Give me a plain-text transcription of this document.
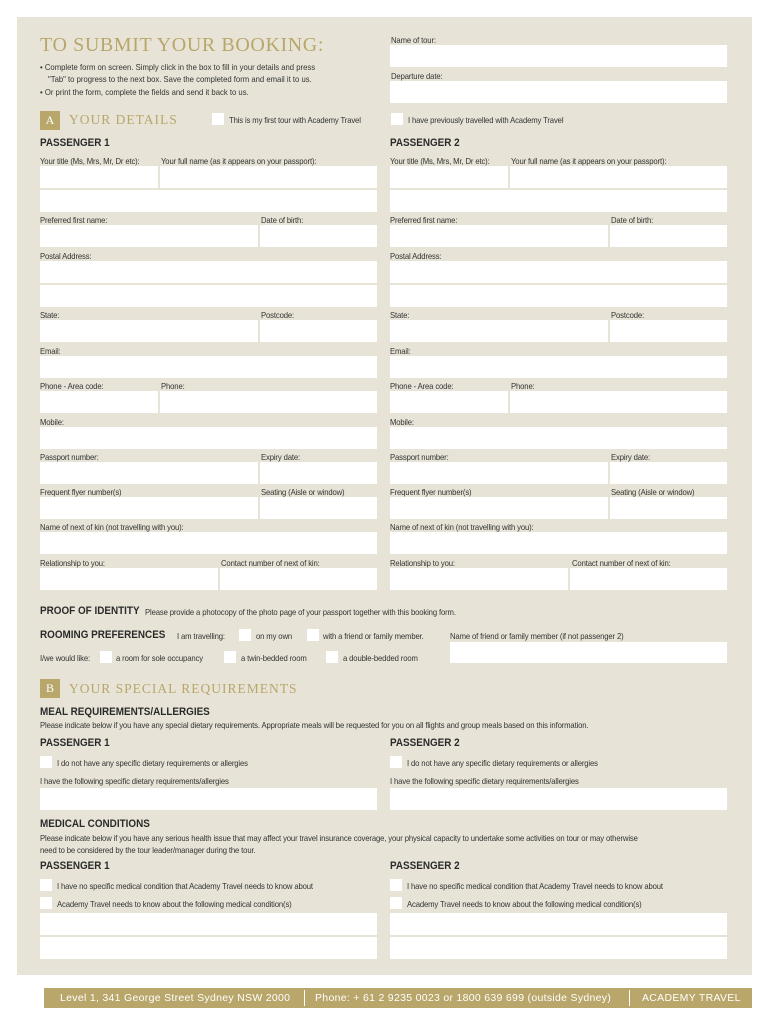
TO SUBMIT YOUR BOOKING:
• Complete form on screen. Simply click in the box to fill in your details and press
"Tab" to progress to the next box. Save the completed form and email it to us.
• Or print the form, complete the fields and send it back to us.
Name of tour:
Departure date:
A	YOUR DETAILS	This is my first tour with Academy Travel	I have previously travelled with Academy Travel
PASSENGER 1
Your title (Ms, Mrs, Mr, Dr etc):	Your full name (as it appears on your passport):
Preferred first name:	Date of birth:
Postal Address:
State:	Postcode:
Email:
Phone - Area code:	Phone:
Mobile:
Passport number:	Expiry date:
Frequent flyer number(s)	Seating (Aisle or window)
Name of next of kin (not travelling with you):
Relationship to you:	Contact number of next of kin:
PASSENGER 2
Your title (Ms, Mrs, Mr, Dr etc):	Your full name (as it appears on your passport):
Preferred first name:	Date of birth:
Postal Address:
State:	Postcode:
Email:
Phone - Area code:	Phone:
Mobile:
Passport number:	Expiry date:
Frequent flyer number(s)	Seating (Aisle or window)
Name of next of kin (not travelling with you):
Relationship to you:	Contact number of next of kin:
PROOF OF IDENTITY Please provide a photocopy of the photo page of your passport together with this booking form.
ROOMING PREFERENCES I am travelling:	on my own	with a friend or family member.	Name of friend or family member (if not passenger 2)
I/we would like:	a room for sole occupancy	a twin-bedded room	a double-bedded room
B	YOUR SPECIAL REQUIREMENTS
MEAL REQUIREMENTS/ALLERGIES
Please indicate below if you have any special dietary requirements. Appropriate meals will be requested for you on all flights and group meals based on this information.
PASSENGER 1	PASSENGER 2
I do not have any specific dietary requirements or allergies	I do not have any specific dietary requirements or allergies
I have the following specific dietary requirements/allergies	I have the following specific dietary requirements/allergies
MEDICAL CONDITIONS
Please indicate below if you have any serious health issue that may affect your travel insurance coverage, your physical capacity to undertake some activities on tour or may otherwise
need to be considered by the tour leader/manager during the tour.
PASSENGER 1	PASSENGER 2
I have no specific medical condition that Academy Travel needs to know about	I have no specific medical condition that Academy Travel needs to know about
Academy Travel needs to know about the following medical condition(s)	Academy Travel needs to know about the following medical condition(s)
Level 1, 341 George Street Sydney NSW 2000 Phone: + 61 2 9235 0023 or 1800 639 699 (outside Sydney)	ACADEMY TRAVEL
